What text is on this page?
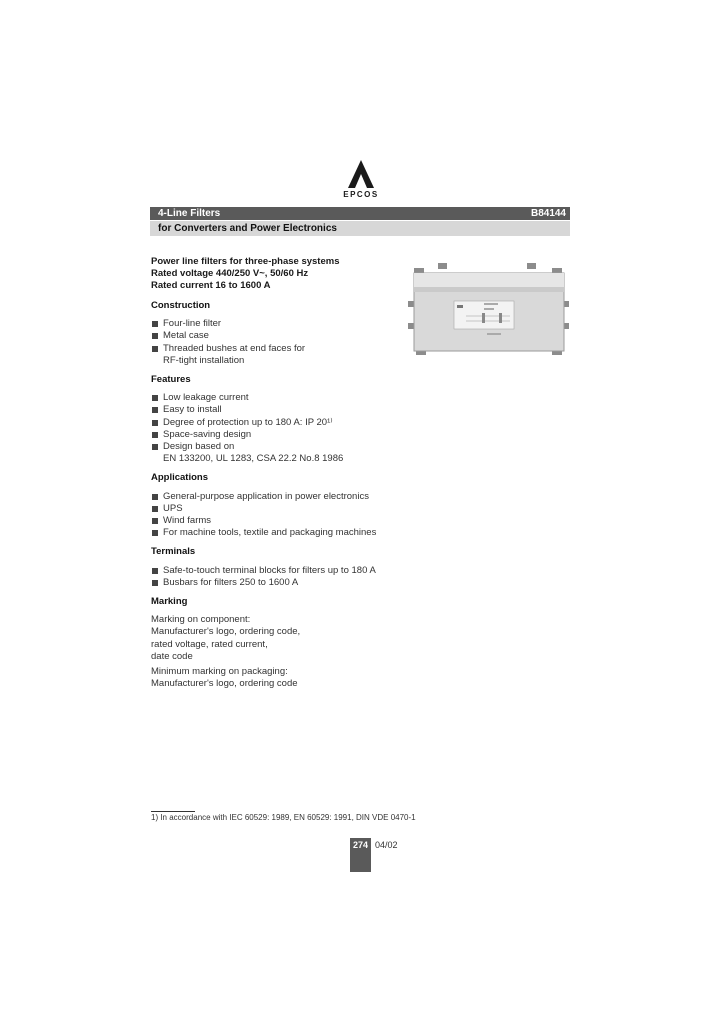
EPCOS
4-Line Filters	B84144
for Converters and Power Electronics
Power line filters for three-phase systems
Rated voltage 440/250 V~, 50/60 Hz
Rated current 16 to 1600 A
Construction
Four-line filter
Metal case
Threaded bushes at end faces for
RF-tight installation
Features
Low leakage current
Easy to install
Degree of protection up to 180 A: IP 20¹⁾
Space-saving design
Design based on
EN 133200, UL 1283, CSA 22.2 No.8 1986
Applications
General-purpose application in power electronics
UPS
Wind farms
For machine tools, textile and packaging machines
Terminals
Safe-to-touch terminal blocks for filters up to 180 A
Busbars for filters 250 to 1600 A
Marking
Marking on component:
Manufacturer's logo, ordering code,
rated voltage, rated current,
date code
Minimum marking on packaging:
Manufacturer's logo, ordering code
1) In accordance with IEC 60529: 1989, EN 60529: 1991, DIN VDE 0470-1
274 04/02
